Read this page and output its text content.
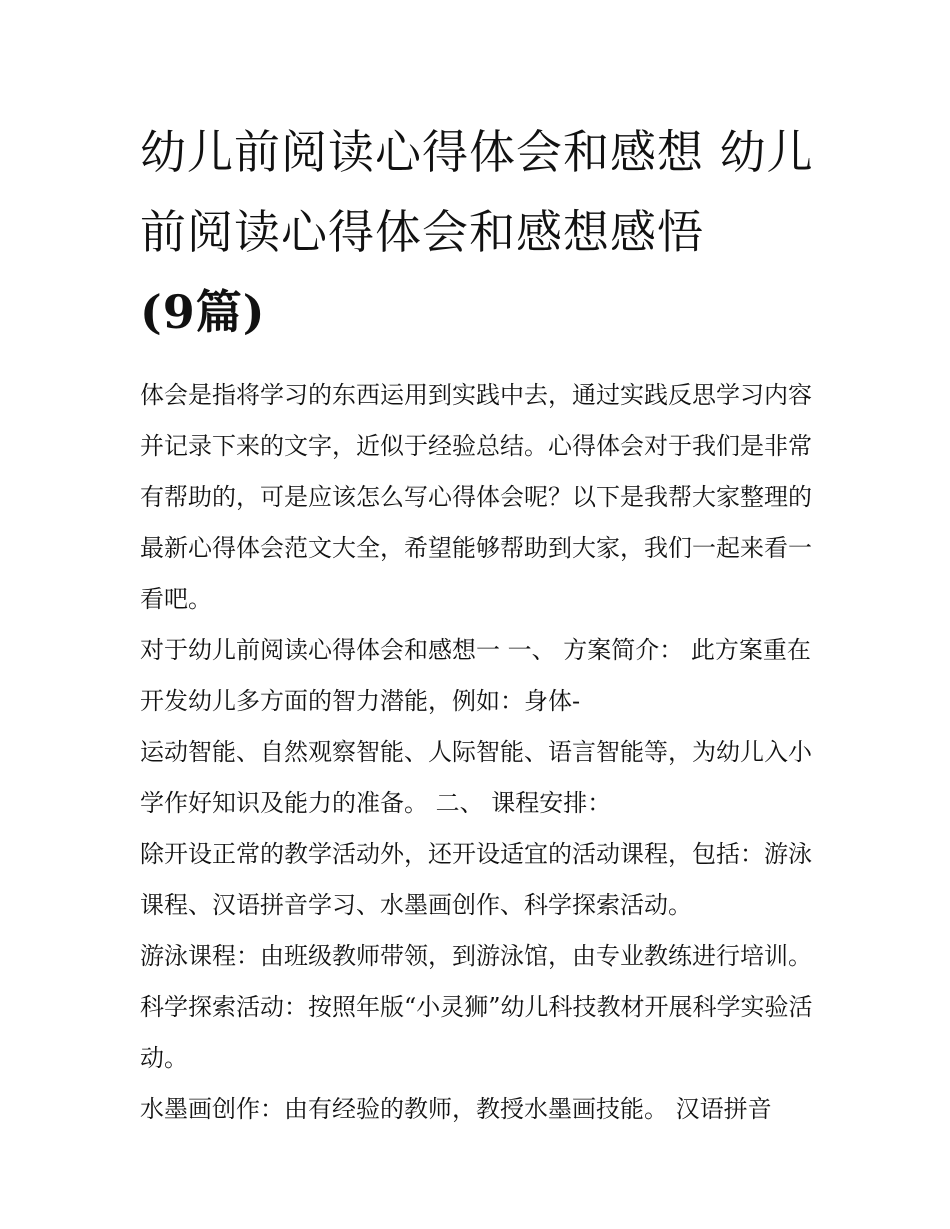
幼儿前阅读心得体会和感想 幼儿前阅读心得体会和感想感悟
(9篇)

体会是指将学习的东西运用到实践中去，通过实践反思学习内容并记录下来的文字，近似于经验总结。心得体会对于我们是非常有帮助的，可是应该怎么写心得体会呢？以下是我帮大家整理的最新心得体会范文大全，希望能够帮助到大家，我们一起来看一看吧。

对于幼儿前阅读心得体会和感想一 一、 方案简介： 此方案重在开发幼儿多方面的智力潜能，例如：身体-

运动智能、自然观察智能、人际智能、语言智能等，为幼儿入小学作好知识及能力的准备。 二、 课程安排：

除开设正常的教学活动外，还开设适宜的活动课程，包括：游泳课程、汉语拼音学习、水墨画创作、科学探索活动。

游泳课程：由班级教师带领，到游泳馆，由专业教练进行培训。 科学探索活动：按照年版“小灵狮”幼儿科技教材开展科学实验活动。

水墨画创作：由有经验的教师，教授水墨画技能。 汉语拼音
